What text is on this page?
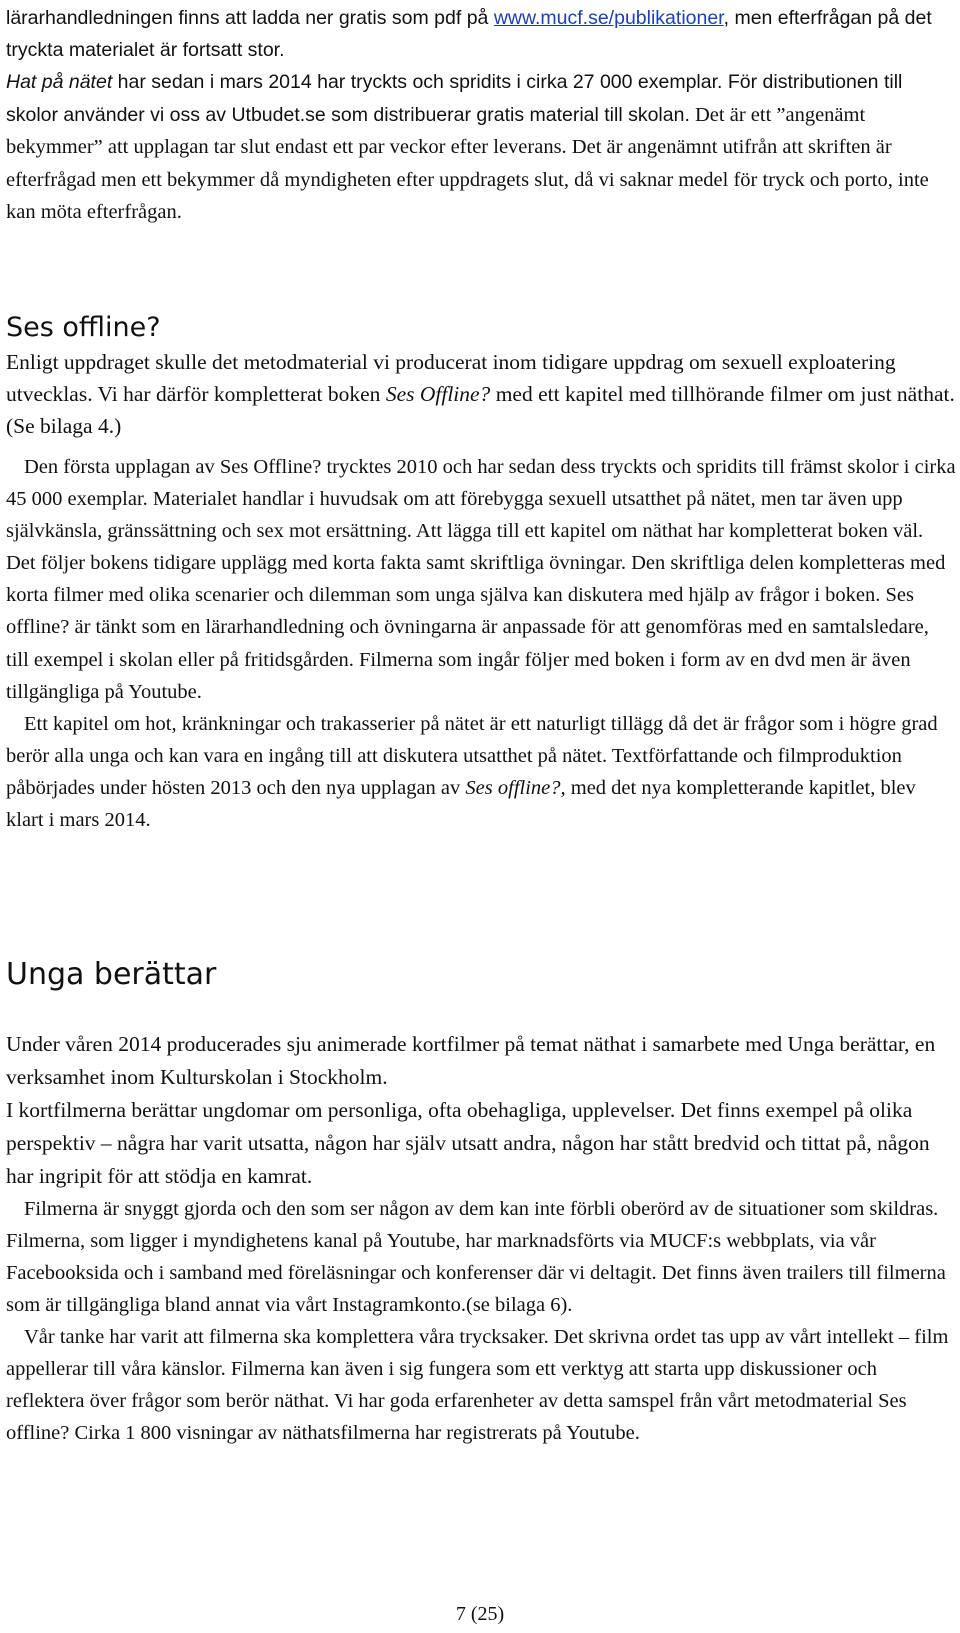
lärarhandledningen finns att ladda ner gratis som pdf på www.mucf.se/publikationer, men efterfrågan på det tryckta materialet är fortsatt stor.

Hat på nätet har sedan i mars 2014 har tryckts och spridits i cirka 27 000 exemplar. För distributionen till skolor använder vi oss av Utbudet.se som distribuerar gratis material till skolan. Det är ett ”angenämt bekymmer” att upplagan tar slut endast ett par veckor efter leverans. Det är angenämnt utifrån att skriften är efterfrågad men ett bekymmer då myndigheten efter uppdragets slut, då vi saknar medel för tryck och porto, inte kan möta efterfrågan.

Ses offline?

Enligt uppdraget skulle det metodmaterial vi producerat inom tidigare uppdrag om sexuell exploatering utvecklas. Vi har därför kompletterat boken Ses Offline? med ett kapitel med tillhörande filmer om just näthat. (Se bilaga 4.)

Den första upplagan av Ses Offline? trycktes 2010 och har sedan dess tryckts och spridits till främst skolor i cirka 45 000 exemplar. Materialet handlar i huvudsak om att förebygga sexuell utsatthet på nätet, men tar även upp självkänsla, gränssättning och sex mot ersättning. Att lägga till ett kapitel om näthat har kompletterat boken väl. Det följer bokens tidigare upplägg med korta fakta samt skriftliga övningar. Den skriftliga delen kompletteras med korta filmer med olika scenarier och dilemman som unga själva kan diskutera med hjälp av frågor i boken. Ses offline? är tänkt som en lärarhandledning och övningarna är anpassade för att genomföras med en samtalsledare, till exempel i skolan eller på fritidsgården. Filmerna som ingår följer med boken i form av en dvd men är även tillgängliga på Youtube.

Ett kapitel om hot, kränkningar och trakasserier på nätet är ett naturligt tillägg då det är frågor som i högre grad berör alla unga och kan vara en ingång till att diskutera utsatthet på nätet. Textförfattande och filmproduktion påbörjades under hösten 2013 och den nya upplagan av Ses offline?, med det nya kompletterande kapitlet, blev klart i mars 2014.

Unga berättar

Under våren 2014 producerades sju animerade kortfilmer på temat näthat i samarbete med Unga berättar, en verksamhet inom Kulturskolan i Stockholm.

I kortfilmerna berättar ungdomar om personliga, ofta obehagliga, upplevelser. Det finns exempel på olika perspektiv – några har varit utsatta, någon har själv utsatt andra, någon har stått bredvid och tittat på, någon har ingripit för att stödja en kamrat.

Filmerna är snyggt gjorda och den som ser någon av dem kan inte förbli oberörd av de situationer som skildras. Filmerna, som ligger i myndighetens kanal på Youtube, har marknadsförts via MUCF:s webbplats, via vår Facebooksida och i samband med föreläsningar och konferenser där vi deltagit. Det finns även trailers till filmerna som är tillgängliga bland annat via vårt Instagramkonto.(se bilaga 6).

Vår tanke har varit att filmerna ska komplettera våra trycksaker. Det skrivna ordet tas upp av vårt intellekt – film appellerar till våra känslor. Filmerna kan även i sig fungera som ett verktyg att starta upp diskussioner och reflektera över frågor som berör näthat. Vi har goda erfarenheter av detta samspel från vårt metodmaterial Ses offline? Cirka 1 800 visningar av näthatsfilmerna har registrerats på Youtube.

7 (25)
